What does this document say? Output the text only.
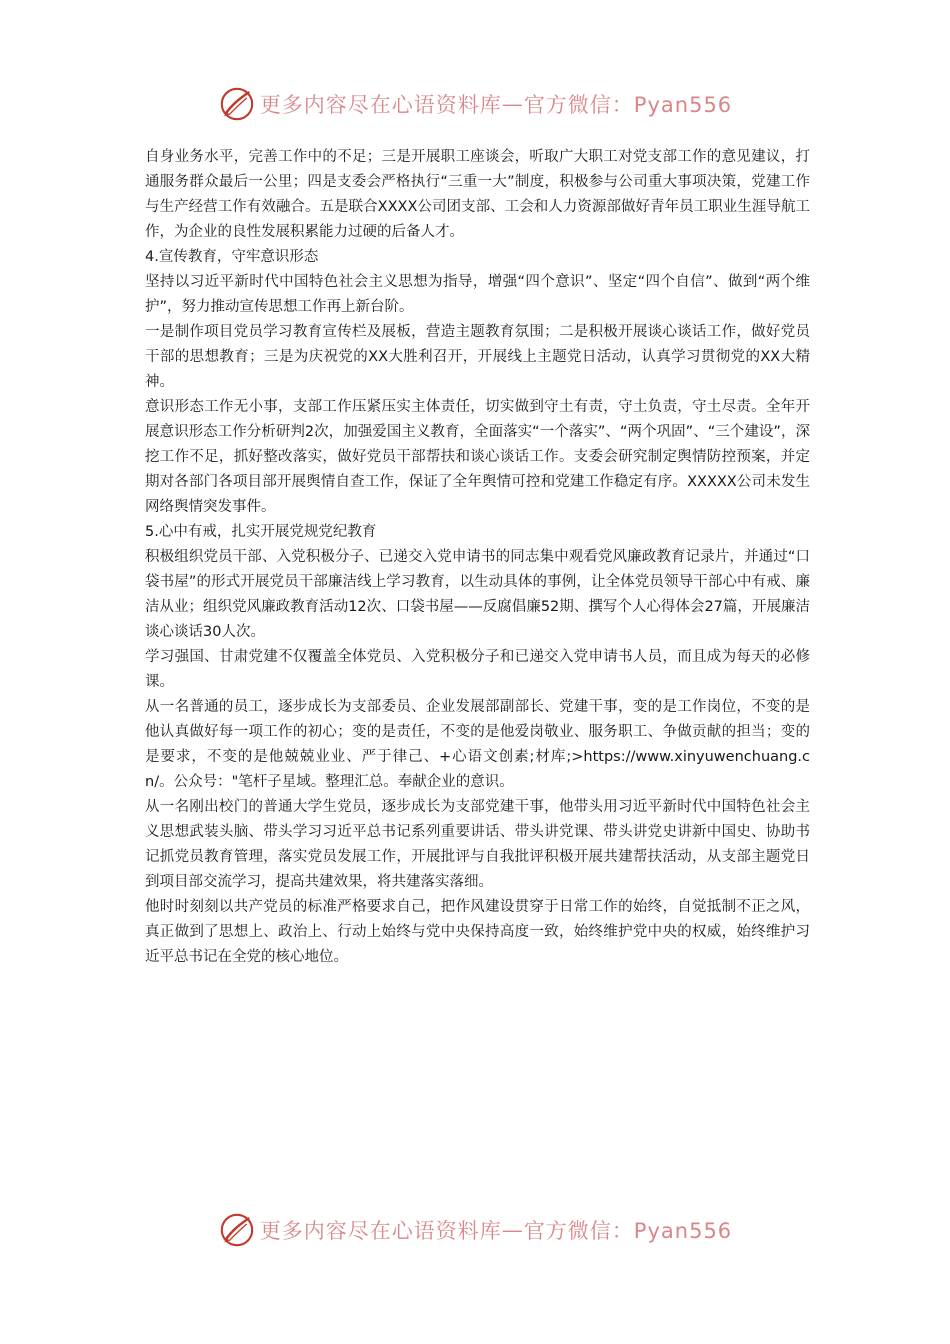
更多内容尽在心语资料库 — 官方微信：Pyan556

自身业务水平，完善工作中的不足；三是开展职工座谈会，听取广大职工对党支部工作的意见建议，打通服务群众最后一公里；四是支委会严格执行“三重一大”制度，积极参与公司重大事项决策，党建工作与生产经营工作有效融合。五是联合XXXX公司团支部、工会和人力资源部做好青年员工职业生涯导航工作，为企业的良性发展积累能力过硬的后备人才。

4.宣传教育，守牢意识形态

坚持以习近平新时代中国特色社会主义思想为指导，增强“四个意识”、坚定“四个自信”、做到“两个维护”，努力推动宣传思想工作再上新台阶。

一是制作项目党员学习教育宣传栏及展板，营造主题教育氛围；二是积极开展谈心谈话工作，做好党员干部的思想教育；三是为庆祝党的XX大胜利召开，开展线上主题党日活动，认真学习贯彻党的XX大精神。

意识形态工作无小事，支部工作压紧压实主体责任，切实做到守土有责，守土负责，守土尽责。全年开展意识形态工作分析研判2次，加强爱国主义教育，全面落实“一个落实”、“两个巩固”、“三个建设”，深挖工作不足，抓好整改落实，做好党员干部帮扶和谈心谈话工作。支委会研究制定舆情防控预案，并定期对各部门各项目部开展舆情自查工作，保证了全年舆情可控和党建工作稳定有序。XXXXX公司未发生网络舆情突发事件。

5.心中有戒，扎实开展党规党纪教育

积极组织党员干部、入党积极分子、已递交入党申请书的同志集中观看党风廉政教育记录片，并通过“口袋书屋”的形式开展党员干部廉洁线上学习教育，以生动具体的事例，让全体党员领导干部心中有戒、廉洁从业；组织党风廉政教育活动12次、口袋书屋——反腐倡廉52期、撰写个人心得体会27篇，开展廉洁谈心谈话30人次。

学习强国、甘肃党建不仅覆盖全体党员、入党积极分子和已递交入党申请书人员，而且成为每天的必修课。

从一名普通的员工，逐步成长为支部委员、企业发展部副部长、党建干事，变的是工作岗位，不变的是他认真做好每一项工作的初心；变的是责任，不变的是他爱岗敬业、服务职工、争做贡献的担当；变的是要求，不变的是他兢兢业业、严于律己、+心语文创素;材库;>https://www.xinyuwenchuang.cn/。公众号："笔杆子星域。整理汇总。奉献企业的意识。

从一名刚出校门的普通大学生党员，逐步成长为支部党建干事，他带头用习近平新时代中国特色社会主义思想武装头脑、带头学习习近平总书记系列重要讲话、带头讲党课、带头讲党史讲新中国史、协助书记抓党员教育管理，落实党员发展工作，开展批评与自我批评积极开展共建帮扶活动，从支部主题党日到项目部交流学习，提高共建效果，将共建落实落细。

他时时刻刻以共产党员的标准严格要求自己，把作风建设贯穿于日常工作的始终，自觉抵制不正之风，真正做到了思想上、政治上、行动上始终与党中央保持高度一致，始终维护党中央的权威，始终维护习近平总书记在全党的核心地位。

更多内容尽在心语资料库 — 官方微信：Pyan556
